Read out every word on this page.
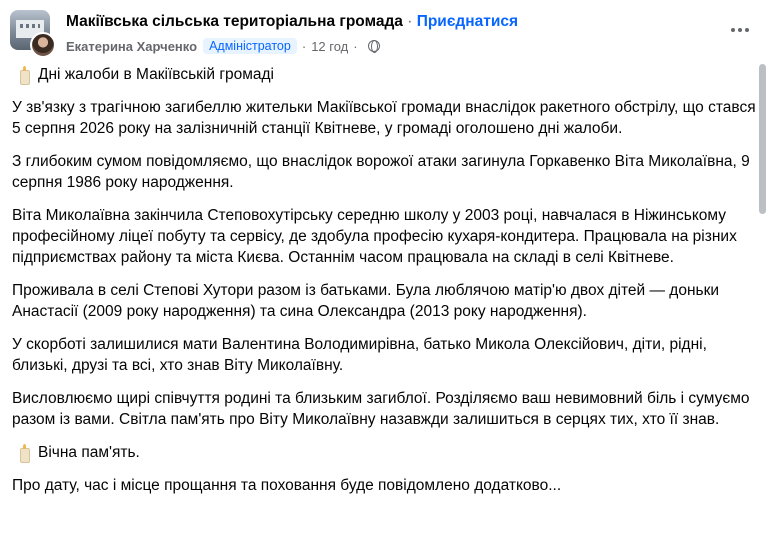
Макіївська сільська територіальна громада · Приєднатися
Екатерина Харченко Адміністратор · 12 год ·

Дні жалоби в Макіївській громаді

У зв'язку з трагічною загибеллю жительки Макіївської громади внаслідок ракетного обстрілу, що стався 5 серпня 2026 року на залізничній станції Квітневе, у громаді оголошено дні жалоби.

З глибоким сумом повідомляємо, що внаслідок ворожої атаки загинула Горкавенко Віта Миколаївна, 9 серпня 1986 року народження.

Віта Миколаївна закінчила Степовохутірську середню школу у 2003 році, навчалася в Ніжинському професійному ліцеї побуту та сервісу, де здобула професію кухаря-кондитера. Працювала на різних підприємствах району та міста Києва. Останнім часом працювала на складі в селі Квітневе.

Проживала в селі Степові Хутори разом із батьками. Була люблячою матір'ю двох дітей — доньки Анастасії (2009 року народження) та сина Олександра (2013 року народження).

У скорботі залишилися мати Валентина Володимирівна, батько Микола Олексійович, діти, рідні, близькі, друзі та всі, хто знав Віту Миколаївну.

Висловлюємо щирі співчуття родині та близьким загиблої. Розділяємо ваш невимовний біль і сумуємо разом із вами. Світла пам'ять про Віту Миколаївну назавжди залишиться в серцях тих, хто її знав.

Вічна пам'ять.

Про дату, час і місце прощання та поховання буде повідомлено додатково...
